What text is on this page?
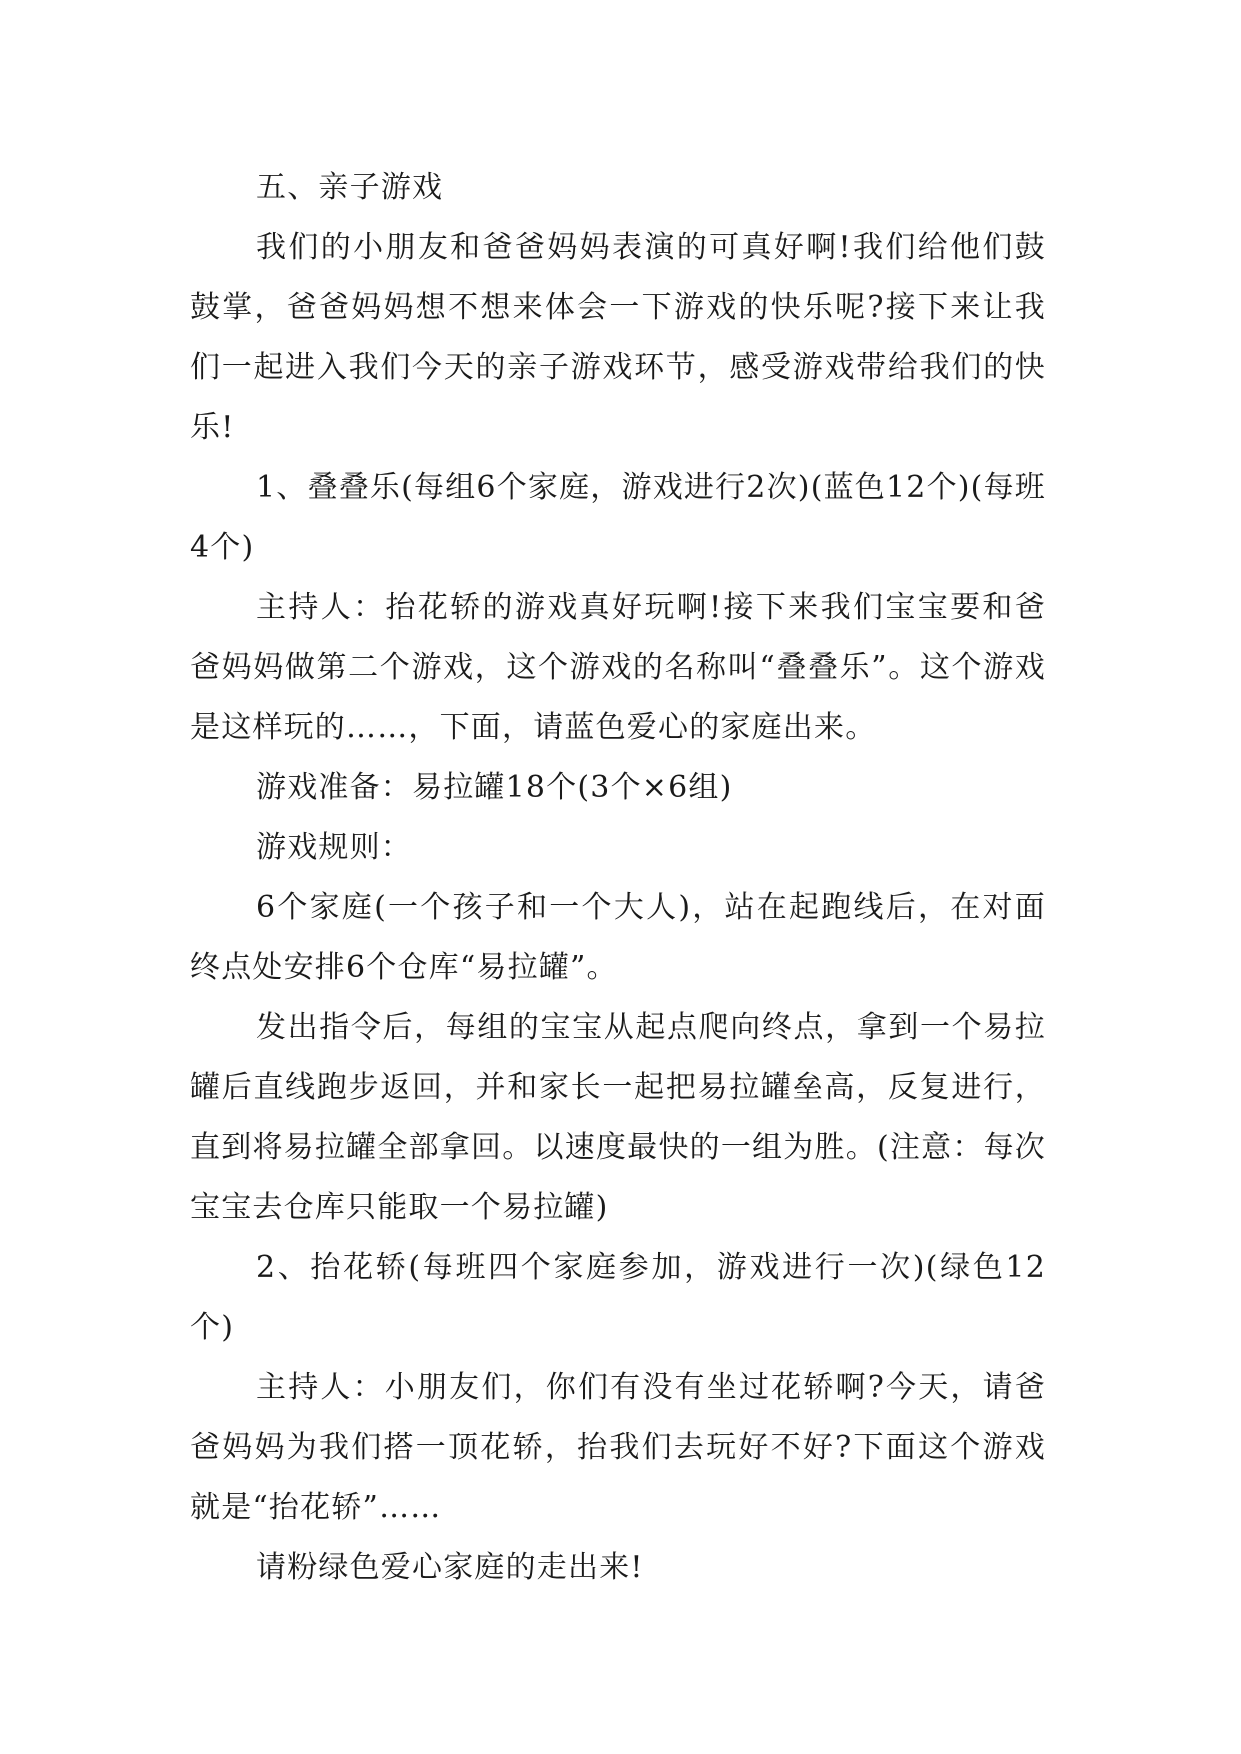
五、亲子游戏

我们的小朋友和爸爸妈妈表演的可真好啊!我们给他们鼓鼓掌，爸爸妈妈想不想来体会一下游戏的快乐呢?接下来让我们一起进入我们今天的亲子游戏环节，感受游戏带给我们的快乐!

1、叠叠乐(每组6个家庭，游戏进行2次)(蓝色12个)(每班4个)

主持人：抬花轿的游戏真好玩啊!接下来我们宝宝要和爸爸妈妈做第二个游戏，这个游戏的名称叫“叠叠乐”。这个游戏是这样玩的……，下面，请蓝色爱心的家庭出来。

游戏准备：易拉罐18个(3个×6组)

游戏规则：

6个家庭(一个孩子和一个大人)，站在起跑线后，在对面终点处安排6个仓库“易拉罐”。

发出指令后，每组的宝宝从起点爬向终点，拿到一个易拉罐后直线跑步返回，并和家长一起把易拉罐垒高，反复进行，直到将易拉罐全部拿回。以速度最快的一组为胜。(注意：每次宝宝去仓库只能取一个易拉罐)

2、抬花轿(每班四个家庭参加，游戏进行一次)(绿色12个)

主持人：小朋友们，你们有没有坐过花轿啊?今天，请爸爸妈妈为我们搭一顶花轿，抬我们去玩好不好?下面这个游戏就是“抬花轿”……

请粉绿色爱心家庭的走出来!
